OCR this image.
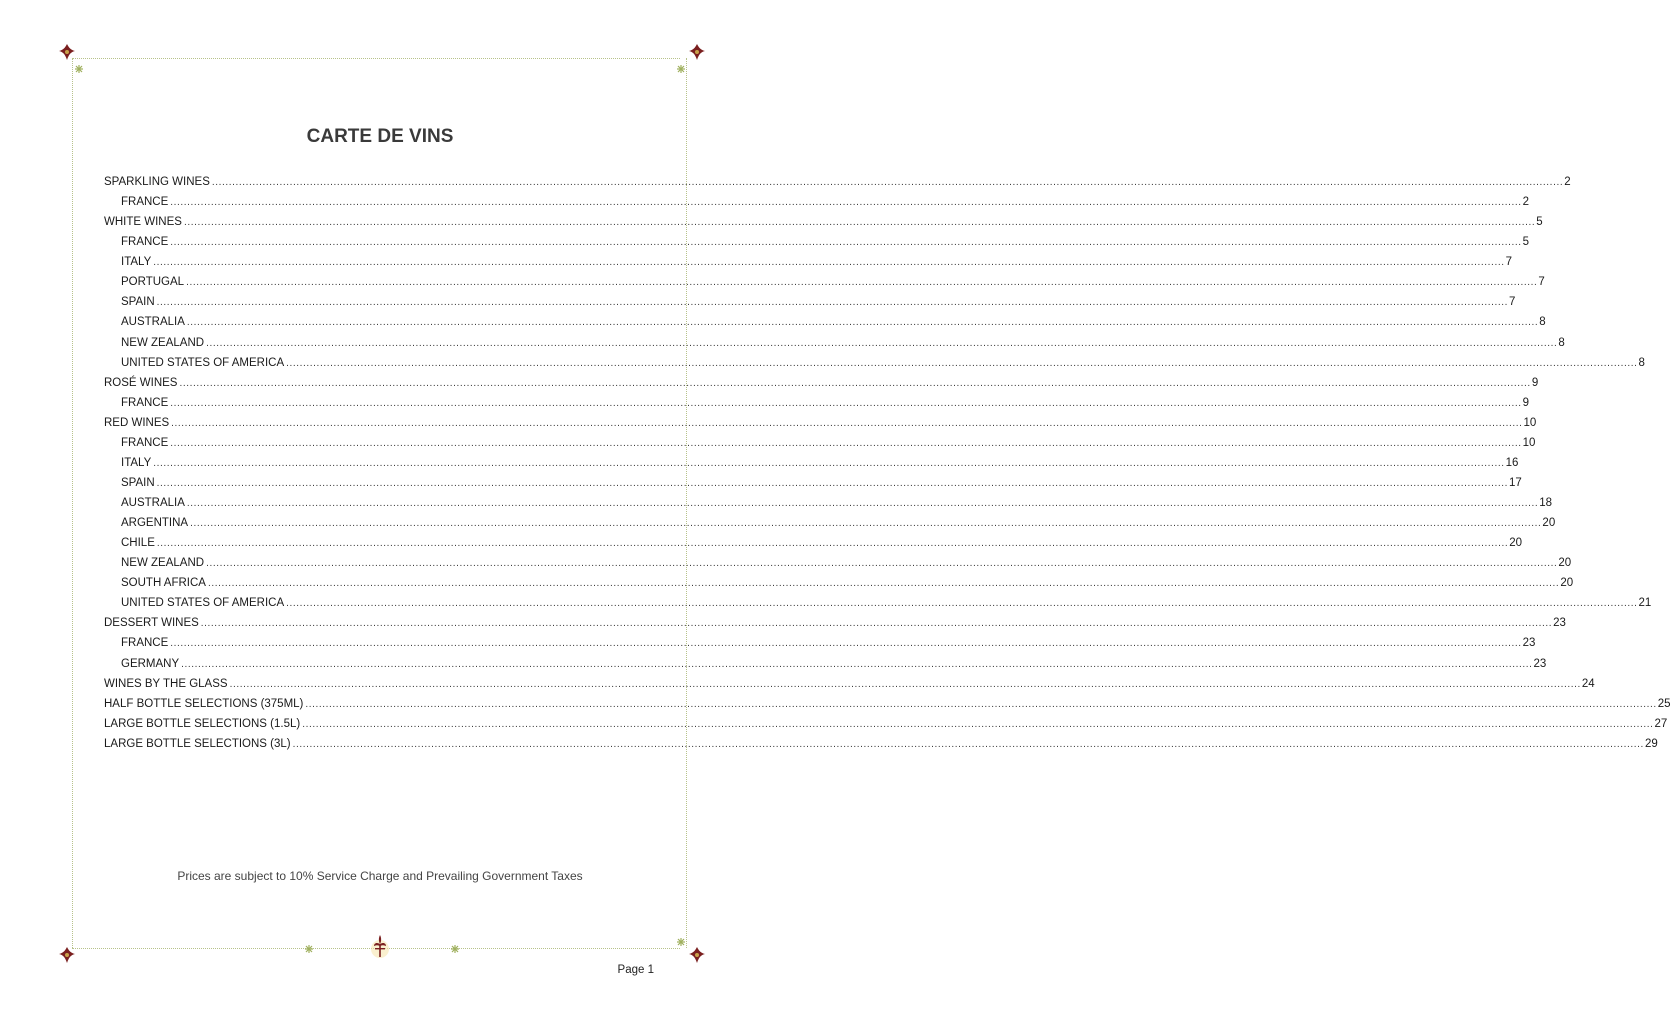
CARTE DE VINS
SPARKLING WINES ................................................................................................................................................................................................................................................................................................................................................................................................................ 2
FRANCE ................................................................................................................................................................................................................................................................................................................................................................................................................ 2
WHITE WINES ................................................................................................................................................................................................................................................................................................................................................................................................................ 5
FRANCE ................................................................................................................................................................................................................................................................................................................................................................................................................ 5
ITALY ................................................................................................................................................................................................................................................................................................................................................................................................................ 7
PORTUGAL ................................................................................................................................................................................................................................................................................................................................................................................................................ 7
SPAIN ................................................................................................................................................................................................................................................................................................................................................................................................................ 7
AUSTRALIA ................................................................................................................................................................................................................................................................................................................................................................................................................ 8
NEW ZEALAND ................................................................................................................................................................................................................................................................................................................................................................................................................ 8
UNITED STATES OF AMERICA ................................................................................................................................................................................................................................................................................................................................................................................................................ 8
ROSÉ WINES ................................................................................................................................................................................................................................................................................................................................................................................................................ 9
FRANCE ................................................................................................................................................................................................................................................................................................................................................................................................................ 9
RED WINES ................................................................................................................................................................................................................................................................................................................................................................................................................ 10
FRANCE ................................................................................................................................................................................................................................................................................................................................................................................................................ 10
ITALY ................................................................................................................................................................................................................................................................................................................................................................................................................ 16
SPAIN ................................................................................................................................................................................................................................................................................................................................................................................................................ 17
AUSTRALIA ................................................................................................................................................................................................................................................................................................................................................................................................................ 18
ARGENTINA ................................................................................................................................................................................................................................................................................................................................................................................................................ 20
CHILE ................................................................................................................................................................................................................................................................................................................................................................................................................ 20
NEW ZEALAND ................................................................................................................................................................................................................................................................................................................................................................................................................ 20
SOUTH AFRICA ................................................................................................................................................................................................................................................................................................................................................................................................................ 20
UNITED STATES OF AMERICA ................................................................................................................................................................................................................................................................................................................................................................................................................ 21
DESSERT WINES ................................................................................................................................................................................................................................................................................................................................................................................................................ 23
FRANCE ................................................................................................................................................................................................................................................................................................................................................................................................................ 23
GERMANY ................................................................................................................................................................................................................................................................................................................................................................................................................ 23
WINES BY THE GLASS ................................................................................................................................................................................................................................................................................................................................................................................................................ 24
HALF BOTTLE SELECTIONS (375ML) ................................................................................................................................................................................................................................................................................................................................................................................................................ 25
LARGE BOTTLE SELECTIONS (1.5L) ................................................................................................................................................................................................................................................................................................................................................................................................................ 27
LARGE BOTTLE SELECTIONS (3L) ................................................................................................................................................................................................................................................................................................................................................................................................................ 29
Prices are subject to 10% Service Charge and Prevailing Government Taxes
Page 1
